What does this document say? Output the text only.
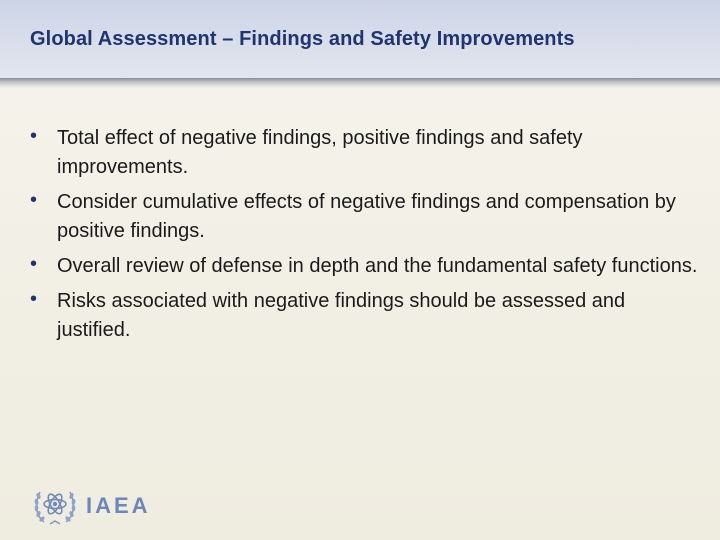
Global Assessment – Findings and Safety Improvements
• Total effect of negative findings, positive findings and safety improvements.
• Consider cumulative effects of negative findings and compensation by positive findings.
• Overall review of defense in depth and the fundamental safety functions.
• Risks associated with negative findings should be assessed and justified.
IAEA
